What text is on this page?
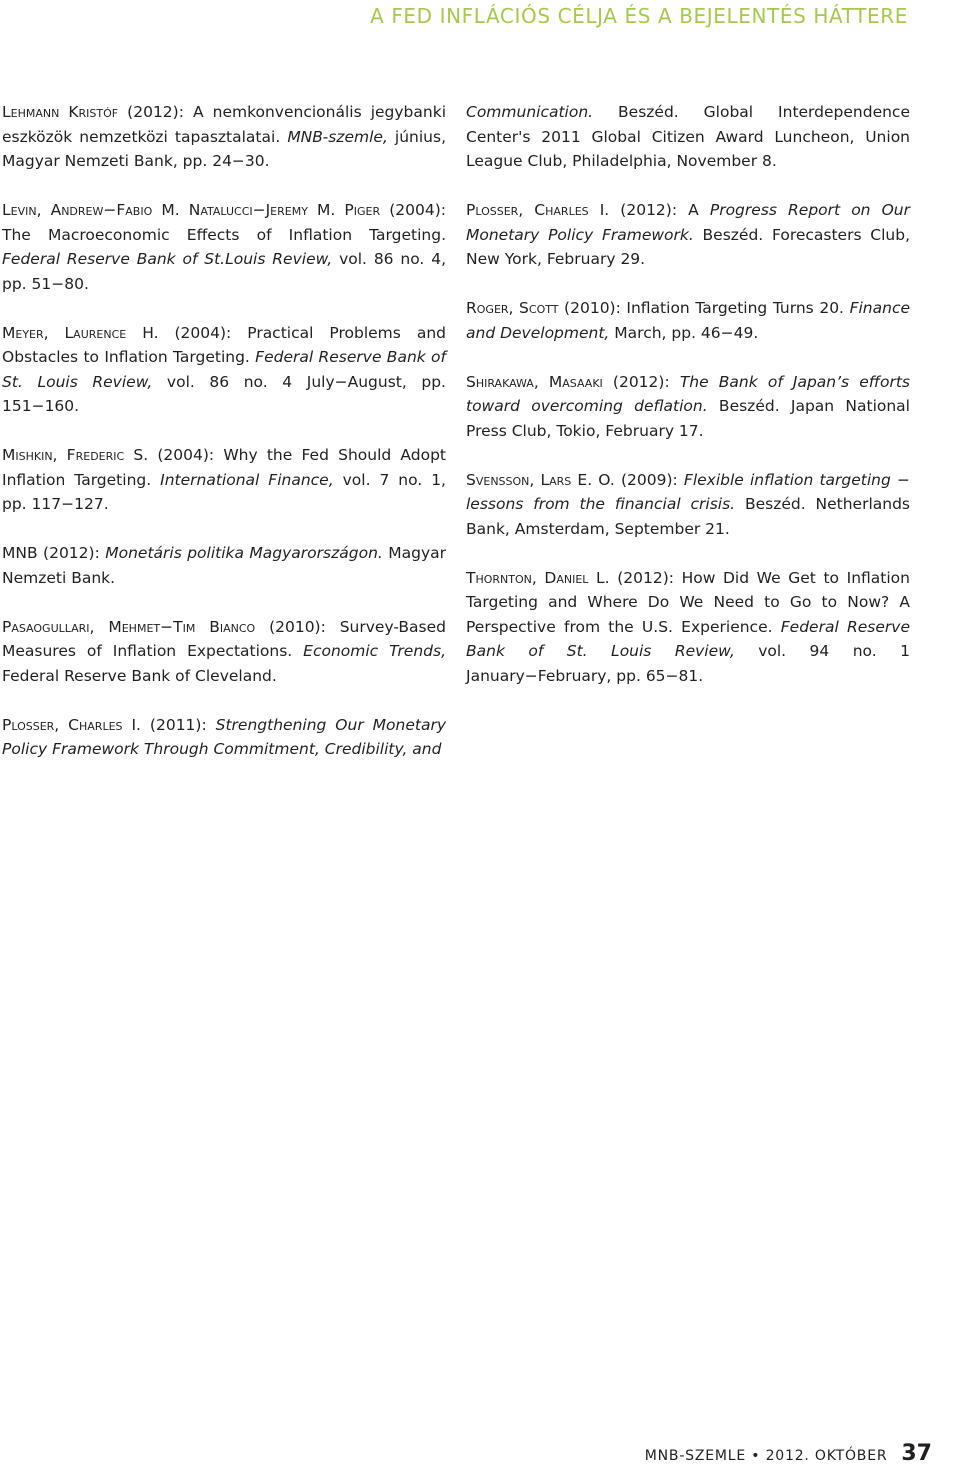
A FED INFLÁCIÓS CÉLJA ÉS A BEJELENTÉS HÁTTERE

Lehmann Kristóf (2012): A nemkonvencionális jegybanki eszközök nemzetközi tapasztalatai. MNB-szemle, június, Magyar Nemzeti Bank, pp. 24−30.

Levin, Andrew−Fabio M. Natalucci−Jeremy M. Piger (2004): The Macroeconomic Effects of Inflation Targeting. Federal Reserve Bank of St.Louis Review, vol. 86 no. 4, pp. 51−80.

Meyer, Laurence H. (2004): Practical Problems and Obstacles to Inflation Targeting. Federal Reserve Bank of St. Louis Review, vol. 86 no. 4 July−August, pp. 151−160.

Mishkin, Frederic S. (2004): Why the Fed Should Adopt Inflation Targeting. International Finance, vol. 7 no. 1, pp. 117−127.

MNB (2012): Monetáris politika Magyarországon. Magyar Nemzeti Bank.

Pasaogullari, Mehmet−Tim Bianco (2010): Survey-Based Measures of Inflation Expectations. Economic Trends, Federal Reserve Bank of Cleveland.

Plosser, Charles I. (2011): Strengthening Our Monetary Policy Framework Through Commitment, Credibility, and

Communication. Beszéd. Global Interdependence Center's 2011 Global Citizen Award Luncheon, Union League Club, Philadelphia, November 8.

Plosser, Charles I. (2012): A Progress Report on Our Monetary Policy Framework. Beszéd. Forecasters Club, New York, February 29.

Roger, Scott (2010): Inflation Targeting Turns 20. Finance and Development, March, pp. 46−49.

Shirakawa, Masaaki (2012): The Bank of Japan’s efforts toward overcoming deflation. Beszéd. Japan National Press Club, Tokio, February 17.

Svensson, Lars E. O. (2009): Flexible inflation targeting − lessons from the financial crisis. Beszéd. Netherlands Bank, Amsterdam, September 21.

Thornton, Daniel L. (2012): How Did We Get to Inflation Targeting and Where Do We Need to Go to Now? A Perspective from the U.S. Experience. Federal Reserve Bank of St. Louis Review, vol. 94 no. 1 January−February, pp. 65−81.

MNB-SZEMLE • 2012. OKTÓBER 37
